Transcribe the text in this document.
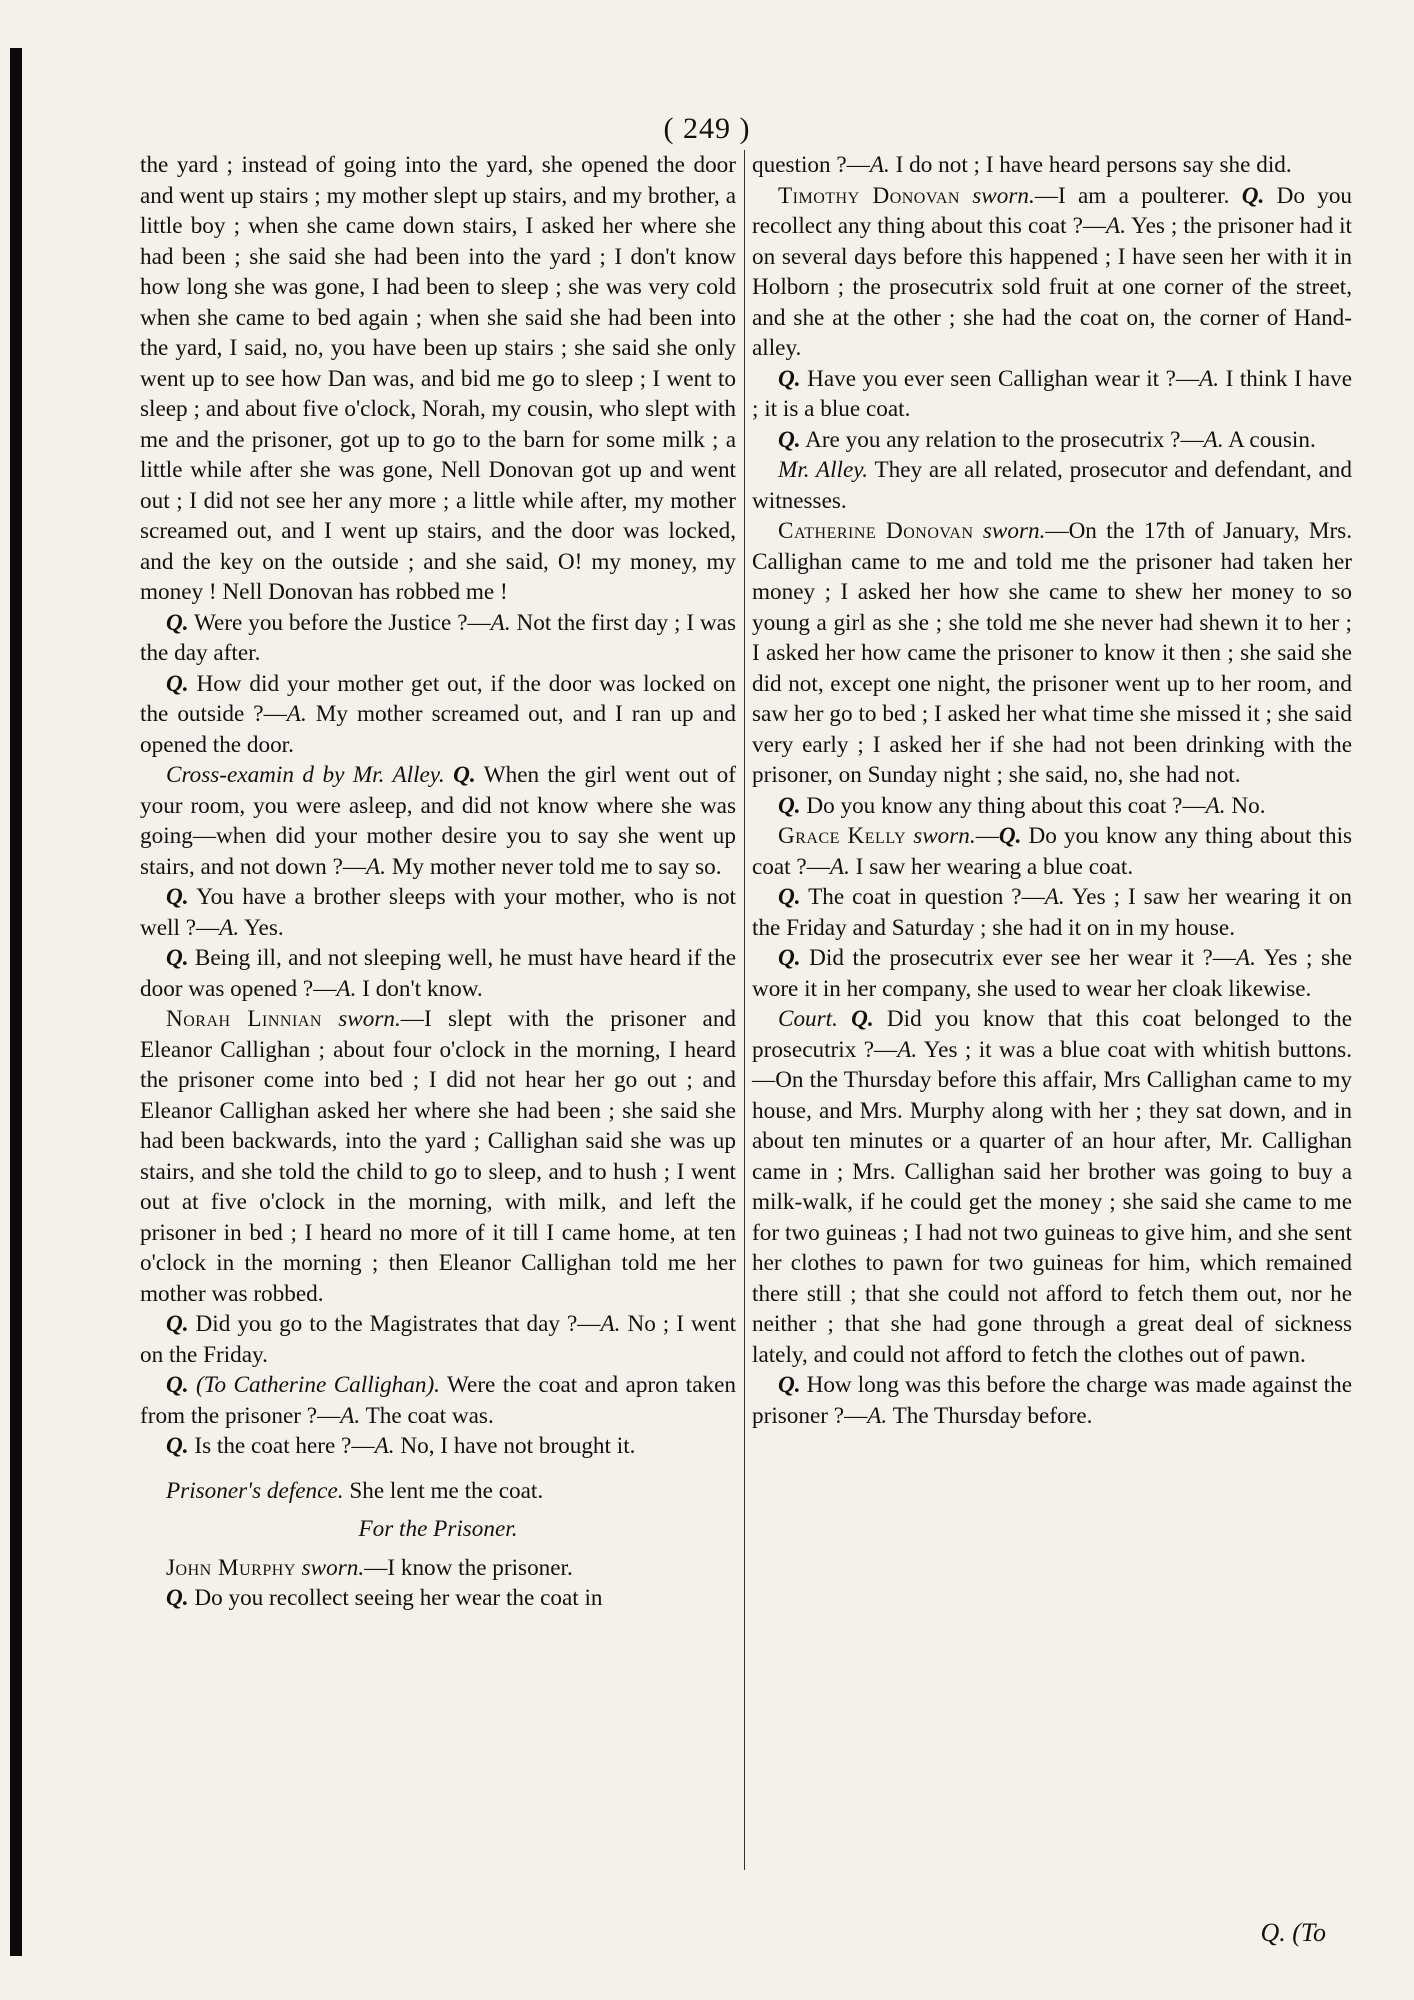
( 249 )

the yard ; instead of going into the yard, she opened the door and went up stairs ; my mother slept up stairs, and my brother, a little boy ; when she came down stairs, I asked her where she had been ; she said she had been into the yard ; I don't know how long she was gone, I had been to sleep ; she was very cold when she came to bed again ; when she said she had been into the yard, I said, no, you have been up stairs ; she said she only went up to see how Dan was, and bid me go to sleep ; I went to sleep ; and about five o'clock, Norah, my cousin, who slept with me and the prisoner, got up to go to the barn for some milk ; a little while after she was gone, Nell Donovan got up and went out ; I did not see her any more ; a little while after, my mother screamed out, and I went up stairs, and the door was locked, and the key on the outside ; and she said, O! my money, my money ! Nell Donovan has robbed me !

Q. Were you before the Justice ?—A. Not the first day ; I was the day after.

Q. How did your mother get out, if the door was locked on the outside ?—A. My mother screamed out, and I ran up and opened the door.

Cross-examin d by Mr. Alley. Q. When the girl went out of your room, you were asleep, and did not know where she was going—when did your mother desire you to say she went up stairs, and not down ?—A. My mother never told me to say so.

Q. You have a brother sleeps with your mother, who is not well ?—A. Yes.

Q. Being ill, and not sleeping well, he must have heard if the door was opened ?—A. I don't know.

Norah Linnian sworn.—I slept with the prisoner and Eleanor Callighan ; about four o'clock in the morning, I heard the prisoner come into bed ; I did not hear her go out ; and Eleanor Callighan asked her where she had been ; she said she had been backwards, into the yard ; Callighan said she was up stairs, and she told the child to go to sleep, and to hush ; I went out at five o'clock in the morning, with milk, and left the prisoner in bed ; I heard no more of it till I came home, at ten o'clock in the morning ; then Eleanor Callighan told me her mother was robbed.

Q. Did you go to the Magistrates that day ?—A. No ; I went on the Friday.

Q. (To Catherine Callighan). Were the coat and apron taken from the prisoner ?—A. The coat was.

Q. Is the coat here ?—A. No, I have not brought it.

Prisoner's defence. She lent me the coat.

For the Prisoner.

John Murphy sworn.—I know the prisoner.

Q. Do you recollect seeing her wear the coat in

question ?—A. I do not ; I have heard persons say she did.

Timothy Donovan sworn.—I am a poulterer. Q. Do you recollect any thing about this coat ?—A. Yes ; the prisoner had it on several days before this happened ; I have seen her with it in Holborn ; the prosecutrix sold fruit at one corner of the street, and she at the other ; she had the coat on, the corner of Hand-alley.

Q. Have you ever seen Callighan wear it ?—A. I think I have ; it is a blue coat.

Q. Are you any relation to the prosecutrix ?—A. A cousin.

Mr. Alley. They are all related, prosecutor and defendant, and witnesses.

Catherine Donovan sworn.—On the 17th of January, Mrs. Callighan came to me and told me the prisoner had taken her money ; I asked her how she came to shew her money to so young a girl as she ; she told me she never had shewn it to her ; I asked her how came the prisoner to know it then ; she said she did not, except one night, the prisoner went up to her room, and saw her go to bed ; I asked her what time she missed it ; she said very early ; I asked her if she had not been drinking with the prisoner, on Sunday night ; she said, no, she had not.

Q. Do you know any thing about this coat ?—A. No.

Grace Kelly sworn.—Q. Do you know any thing about this coat ?—A. I saw her wearing a blue coat.

Q. The coat in question ?—A. Yes ; I saw her wearing it on the Friday and Saturday ; she had it on in my house.

Q. Did the prosecutrix ever see her wear it ?—A. Yes ; she wore it in her company, she used to wear her cloak likewise.

Court. Q. Did you know that this coat belonged to the prosecutrix ?—A. Yes ; it was a blue coat with whitish buttons.—On the Thursday before this affair, Mrs Callighan came to my house, and Mrs. Murphy along with her ; they sat down, and in about ten minutes or a quarter of an hour after, Mr. Callighan came in ; Mrs. Callighan said her brother was going to buy a milk-walk, if he could get the money ; she said she came to me for two guineas ; I had not two guineas to give him, and she sent her clothes to pawn for two guineas for him, which remained there still ; that she could not afford to fetch them out, nor he neither ; that she had gone through a great deal of sickness lately, and could not afford to fetch the clothes out of pawn.

Q. How long was this before the charge was made against the prisoner ?—A. The Thursday before.

Q. (To
